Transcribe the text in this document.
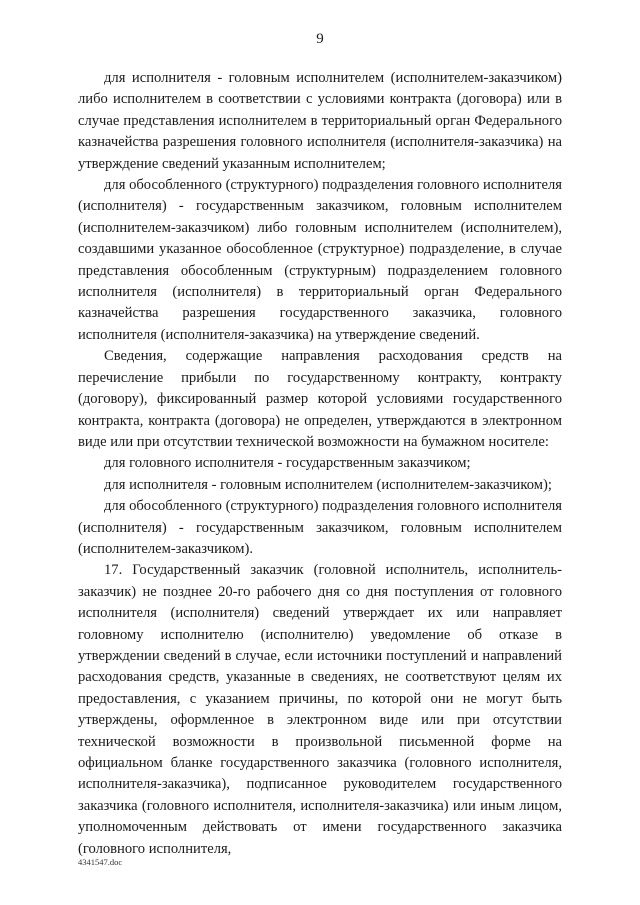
9

для исполнителя - головным исполнителем (исполнителем-заказчиком) либо исполнителем в соответствии с условиями контракта (договора) или в случае представления исполнителем в территориальный орган Федерального казначейства разрешения головного исполнителя (исполнителя-заказчика) на утверждение сведений указанным исполнителем;

для обособленного (структурного) подразделения головного исполнителя (исполнителя) - государственным заказчиком, головным исполнителем (исполнителем-заказчиком) либо головным исполнителем (исполнителем), создавшими указанное обособленное (структурное) подразделение, в случае представления обособленным (структурным) подразделением головного исполнителя (исполнителя) в территориальный орган Федерального казначейства разрешения государственного заказчика, головного исполнителя (исполнителя-заказчика) на утверждение сведений.

Сведения, содержащие направления расходования средств на перечисление прибыли по государственному контракту, контракту (договору), фиксированный размер которой условиями государственного контракта, контракта (договора) не определен, утверждаются в электронном виде или при отсутствии технической возможности на бумажном носителе:

для головного исполнителя - государственным заказчиком;

для исполнителя - головным исполнителем (исполнителем-заказчиком);

для обособленного (структурного) подразделения головного исполнителя (исполнителя) - государственным заказчиком, головным исполнителем (исполнителем-заказчиком).

17. Государственный заказчик (головной исполнитель, исполнитель-заказчик) не позднее 20-го рабочего дня со дня поступления от головного исполнителя (исполнителя) сведений утверждает их или направляет головному исполнителю (исполнителю) уведомление об отказе в утверждении сведений в случае, если источники поступлений и направлений расходования средств, указанные в сведениях, не соответствуют целям их предоставления, с указанием причины, по которой они не могут быть утверждены, оформленное в электронном виде или при отсутствии технической возможности в произвольной письменной форме на официальном бланке государственного заказчика (головного исполнителя, исполнителя-заказчика), подписанное руководителем государственного заказчика (головного исполнителя, исполнителя-заказчика) или иным лицом, уполномоченным действовать от имени государственного заказчика (головного исполнителя,

4341547.doc
